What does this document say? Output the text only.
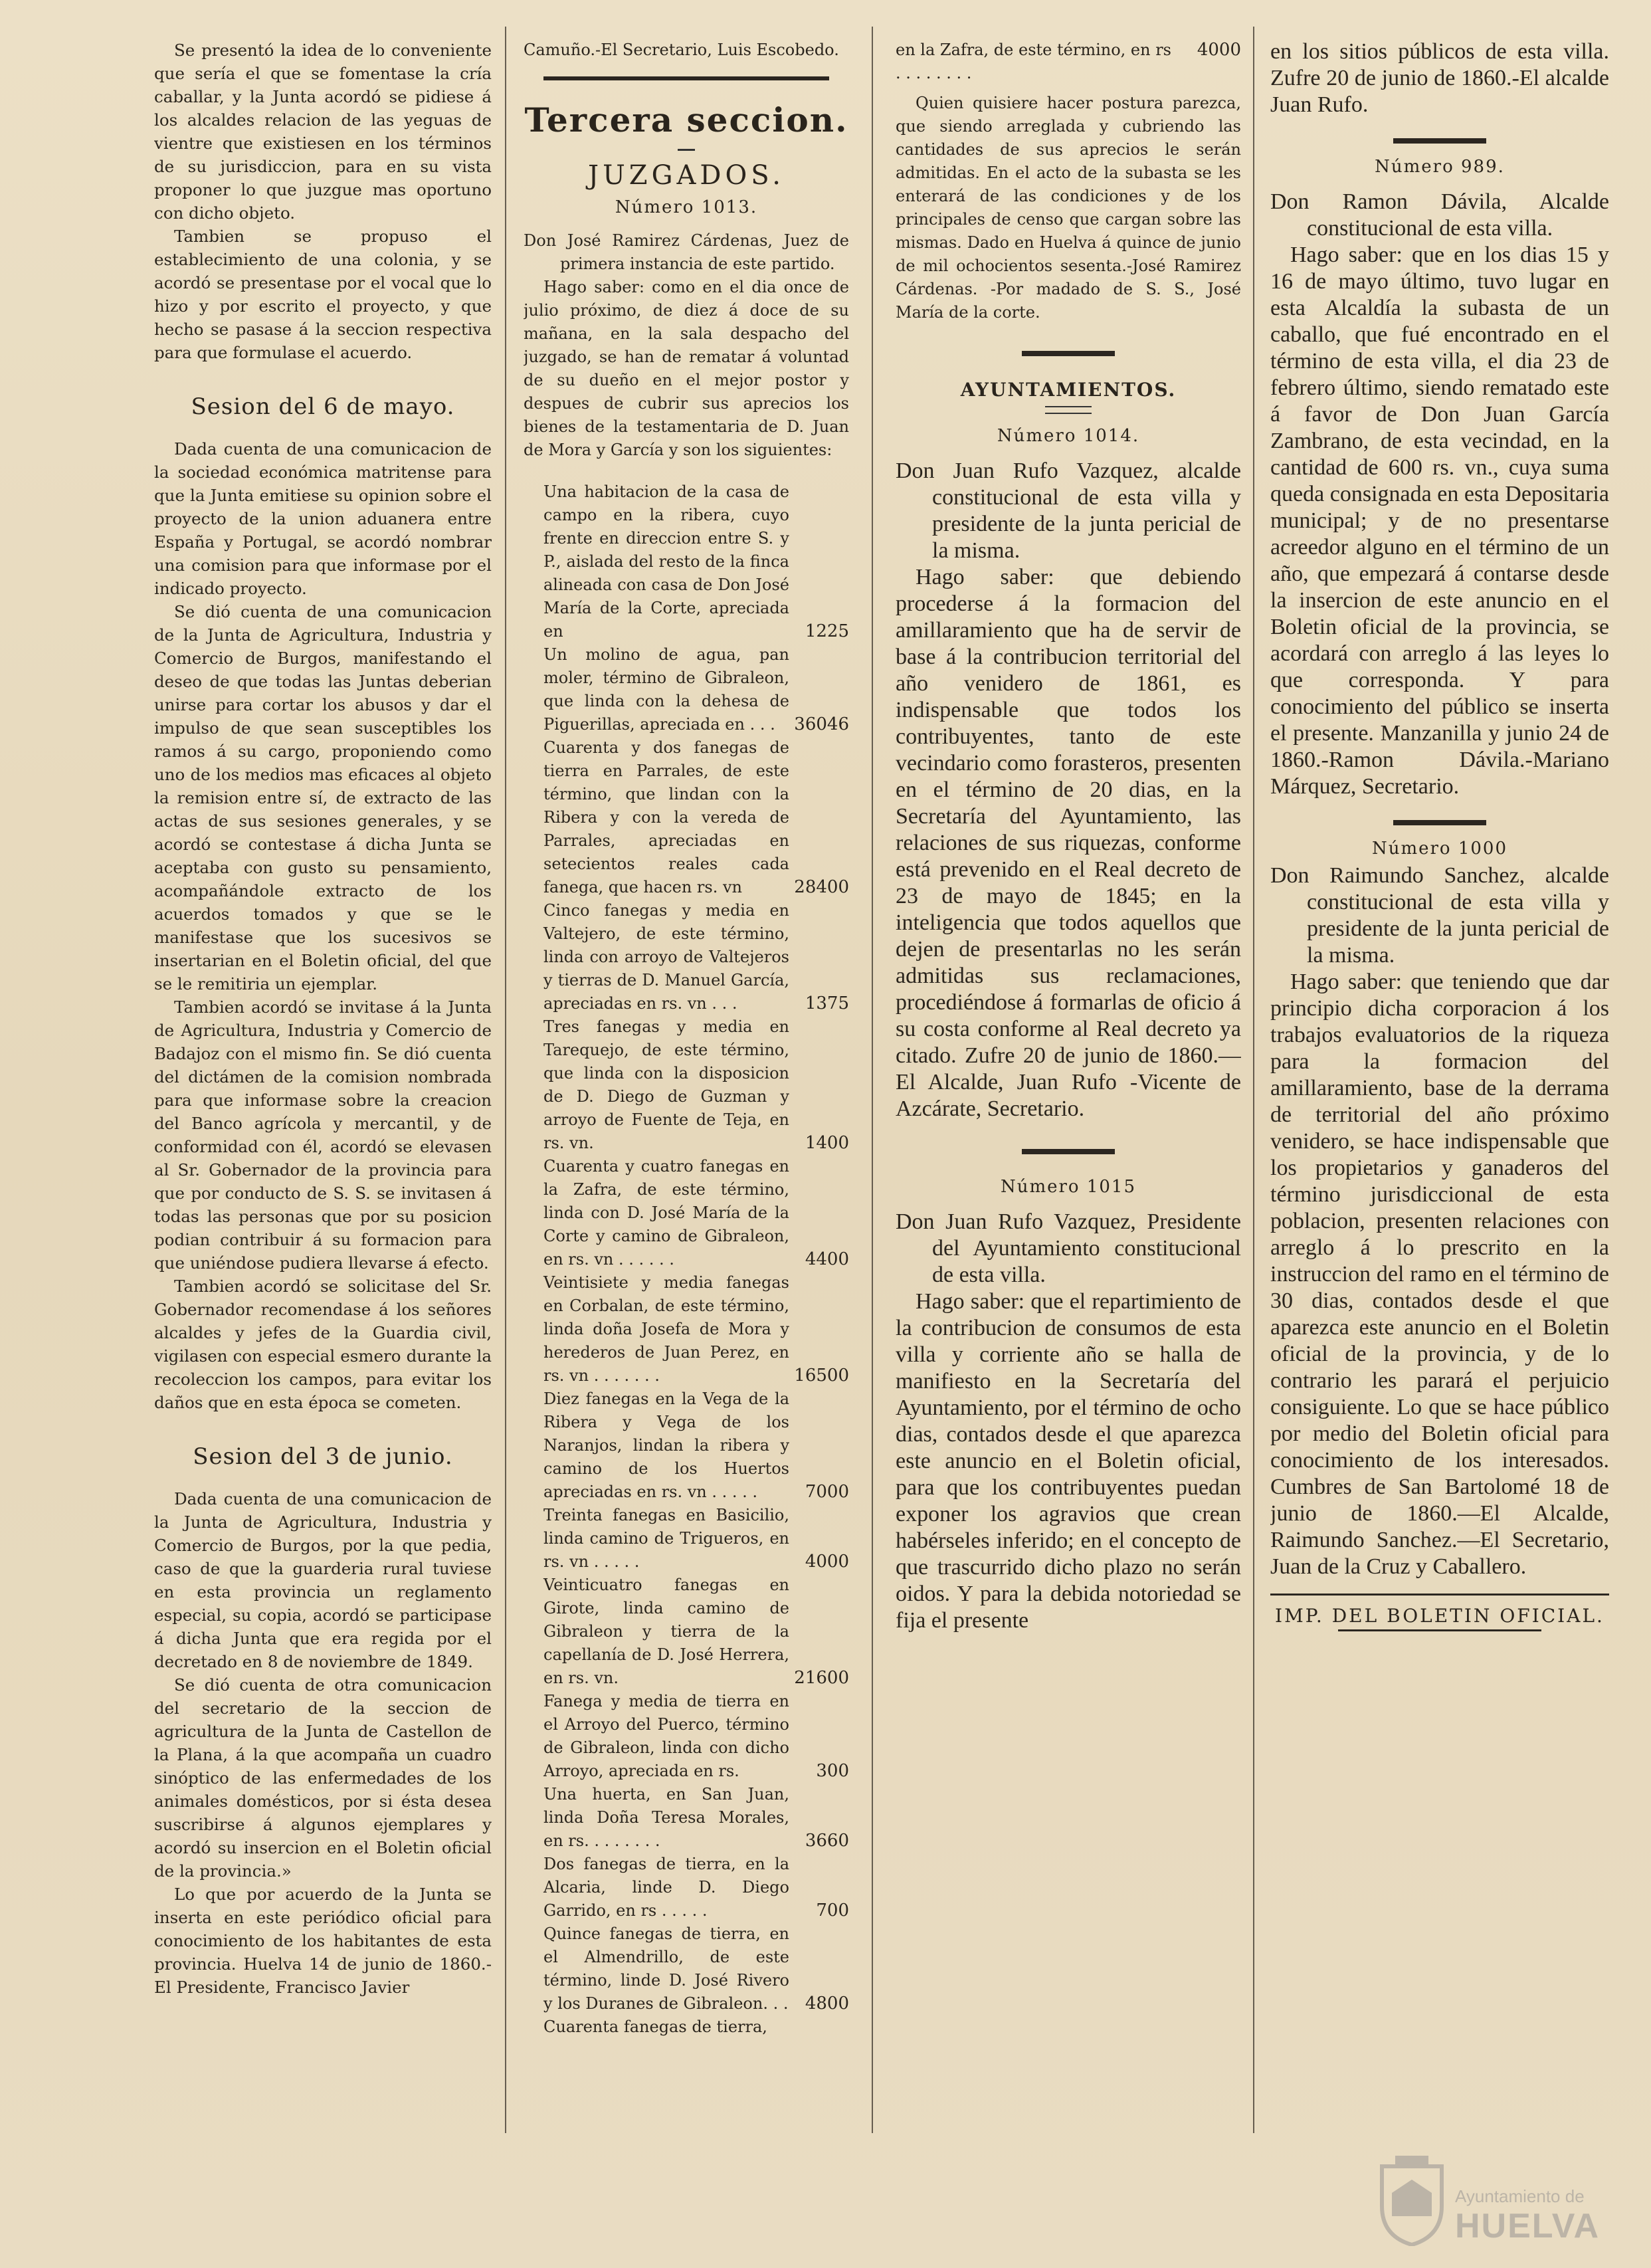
Se presentó la idea de lo conveniente que sería el que se fomentase la cría caballar, y la Junta acordó se pidiese á los alcaldes relacion de las yeguas de vientre que existiesen en los términos de su jurisdiccion, para en su vista proponer lo que juzgue mas oportuno con dicho objeto.

Tambien se propuso el establecimiento de una colonia, y se acordó se presentase por el vocal que lo hizo y por escrito el proyecto, y que hecho se pasase á la seccion respectiva para que formulase el acuerdo.

Sesion del 6 de mayo.

Dada cuenta de una comunicacion de la sociedad económica matritense para que la Junta emitiese su opinion sobre el proyecto de la union aduanera entre España y Portugal, se acordó nombrar una comision para que informase por el indicado proyecto.

Se dió cuenta de una comunicacion de la Junta de Agricultura, Industria y Comercio de Burgos, manifestando el deseo de que todas las Juntas deberian unirse para cortar los abusos y dar el impulso de que sean susceptibles los ramos á su cargo, proponiendo como uno de los medios mas eficaces al objeto la remision entre sí, de extracto de las actas de sus sesiones generales, y se acordó se contestase á dicha Junta se aceptaba con gusto su pensamiento, acompañándole extracto de los acuerdos tomados y que se le manifestase que los sucesivos se insertarian en el Boletin oficial, del que se le remitiria un ejemplar.

Tambien acordó se invitase á la Junta de Agricultura, Industria y Comercio de Badajoz con el mismo fin. Se dió cuenta del dictámen de la comision nombrada para que informase sobre la creacion del Banco agrícola y mercantil, y de conformidad con él, acordó se elevasen al Sr. Gobernador de la provincia para que por conducto de S. S. se invitasen á todas las personas que por su posicion podian contribuir á su formacion para que uniéndose pudiera llevarse á efecto.

Tambien acordó se solicitase del Sr. Gobernador recomendase á los señores alcaldes y jefes de la Guardia civil, vigilasen con especial esmero durante la recoleccion los campos, para evitar los daños que en esta época se cometen.

Sesion del 3 de junio.

Dada cuenta de una comunicacion de la Junta de Agricultura, Industria y Comercio de Burgos, por la que pedia, caso de que la guarderia rural tuviese en esta provincia un reglamento especial, su copia, acordó se participase á dicha Junta que era regida por el decretado en 8 de noviembre de 1849.

Se dió cuenta de otra comunicacion del secretario de la seccion de agricultura de la Junta de Castellon de la Plana, á la que acompaña un cuadro sinóptico de las enfermedades de los animales domésticos, por si ésta desea suscribirse á algunos ejemplares y acordó su insercion en el Boletin oficial de la provincia.»

Lo que por acuerdo de la Junta se inserta en este periódico oficial para conocimiento de los habitantes de esta provincia. Huelva 14 de junio de 1860.-El Presidente, Francisco Javier

Camuño.-El Secretario, Luis Escobedo.

Tercera seccion.
JUZGADOS.
Número 1013.

Don José Ramirez Cárdenas, Juez de primera instancia de este partido.

Hago saber: como en el dia once de julio próximo, de diez á doce de su mañana, en la sala despacho del juzgado, se han de rematar á voluntad de su dueño en el mejor postor y despues de cubrir sus aprecios los bienes de la testamentaria de D. Juan de Mora y García y son los siguientes:

Una habitacion de la casa de campo en la ribera, cuyo frente en direccion entre S. y P., aislada del resto de la finca alineada con casa de Don José María de la Corte, apreciada en	1225
Un molino de agua, pan moler, término de Gibraleon, que linda con la dehesa de Piguerillas, apreciada en . . .	36046
Cuarenta y dos fanegas de tierra en Parrales, de este término, que lindan con la Ribera y con la vereda de Parrales, apreciadas en setecientos reales cada fanega, que hacen rs. vn	28400
Cinco fanegas y media en Valtejero, de este término, linda con arroyo de Valtejeros y tierras de D. Manuel García, apreciadas en rs. vn . . .	1375
Tres fanegas y media en Tarequejo, de este término, que linda con la disposicion de D. Diego de Guzman y arroyo de Fuente de Teja, en rs. vn.	1400
Cuarenta y cuatro fanegas en la Zafra, de este término, linda con D. José María de la Corte y camino de Gibraleon, en rs. vn . . . . . .	4400
Veintisiete y media fanegas en Corbalan, de este término, linda doña Josefa de Mora y herederos de Juan Perez, en rs. vn . . . . . . .	16500
Diez fanegas en la Vega de la Ribera y Vega de los Naranjos, lindan la ribera y camino de los Huertos apreciadas en rs. vn . . . . .	7000
Treinta fanegas en Basicilio, linda camino de Trigueros, en rs. vn . . . . .	4000
Veinticuatro fanegas en Girote, linda camino de Gibraleon y tierra de la capellanía de D. José Herrera, en rs. vn.	21600
Fanega y media de tierra en el Arroyo del Puerco, término de Gibraleon, linda con dicho Arroyo, apreciada en rs.	300
Una huerta, en San Juan, linda Doña Teresa Morales, en rs. . . . . . . .	3660
Dos fanegas de tierra, en la Alcaria, linde D. Diego Garrido, en rs . . . . .	700
Quince fanegas de tierra, en el Almendrillo, de este término, linde D. José Rivero y los Duranes de Gibraleon. . . 4800

Cuarenta fanegas de tierra,

en la Zafra, de este término, en rs . . . . . . . .
4000

Quien quisiere hacer postura parezca, que siendo arreglada y cubriendo las cantidades de sus aprecios le serán admitidas. En el acto de la subasta se les enterará de las condiciones y de los principales de censo que cargan sobre las mismas. Dado en Huelva á quince de junio de mil ochocientos sesenta.-José Ramirez Cárdenas. -Por madado de S. S., José María de la corte.

AYUNTAMIENTOS.
Número 1014.

Don Juan Rufo Vazquez, alcalde constitucional de esta villa y presidente de la junta pericial de la misma.

Hago saber: que debiendo procederse á la formacion del amillaramiento que ha de servir de base á la contribucion territorial del año venidero de 1861, es indispensable que todos los contribuyentes, tanto de este vecindario como forasteros, presenten en el término de 20 dias, en la Secretaría del Ayuntamiento, las relaciones de sus riquezas, conforme está prevenido en el Real decreto de 23 de mayo de 1845; en la inteligencia que todos aquellos que dejen de presentarlas no les serán admitidas sus reclamaciones, procediéndose á formarlas de oficio á su costa conforme al Real decreto ya citado. Zufre 20 de junio de 1860.—El Alcalde, Juan Rufo -Vicente de Azcárate, Secretario.

Número 1015

Don Juan Rufo Vazquez, Presidente del Ayuntamiento constitucional de esta villa.

Hago saber: que el repartimiento de la contribucion de consumos de esta villa y corriente año se halla de manifiesto en la Secretaría del Ayuntamiento, por el término de ocho dias, contados desde el que aparezca este anuncio en el Boletin oficial, para que los contribuyentes puedan exponer los agravios que crean habérseles inferido; en el concepto de que trascurrido dicho plazo no serán oidos. Y para la debida notoriedad se fija el presente

en los sitios públicos de esta villa. Zufre 20 de junio de 1860.-El alcalde Juan Rufo.

Número 989.

Don Ramon Dávila, Alcalde constitucional de esta villa.

Hago saber: que en los dias 15 y 16 de mayo último, tuvo lugar en esta Alcaldía la subasta de un caballo, que fué encontrado en el término de esta villa, el dia 23 de febrero último, siendo rematado este á favor de Don Juan García Zambrano, de esta vecindad, en la cantidad de 600 rs. vn., cuya suma queda consignada en esta Depositaria municipal; y de no presentarse acreedor alguno en el término de un año, que empezará á contarse desde la insercion de este anuncio en el Boletin oficial de la provincia, se acordará con arreglo á las leyes lo que corresponda. Y para conocimiento del público se inserta el presente. Manzanilla y junio 24 de 1860.-Ramon Dávila.-Mariano Márquez, Secretario.

Número 1000

Don Raimundo Sanchez, alcalde constitucional de esta villa y presidente de la junta pericial de la misma.

Hago saber: que teniendo que dar principio dicha corporacion á los trabajos evaluatorios de la riqueza para la formacion del amillaramiento, base de la derrama de territorial del año próximo venidero, se hace indispensable que los propietarios y ganaderos del término jurisdiccional de esta poblacion, presenten relaciones con arreglo á lo prescrito en la instruccion del ramo en el término de 30 dias, contados desde el que aparezca este anuncio en el Boletin oficial de la provincia, y de lo contrario les parará el perjuicio consiguiente. Lo que se hace público por medio del Boletin oficial para conocimiento de los interesados. Cumbres de San Bartolomé 18 de junio de 1860.—El Alcalde, Raimundo Sanchez.—El Secretario, Juan de la Cruz y Caballero.

IMP. DEL BOLETIN OFICIAL.
Ayuntamiento de
HUELVA
